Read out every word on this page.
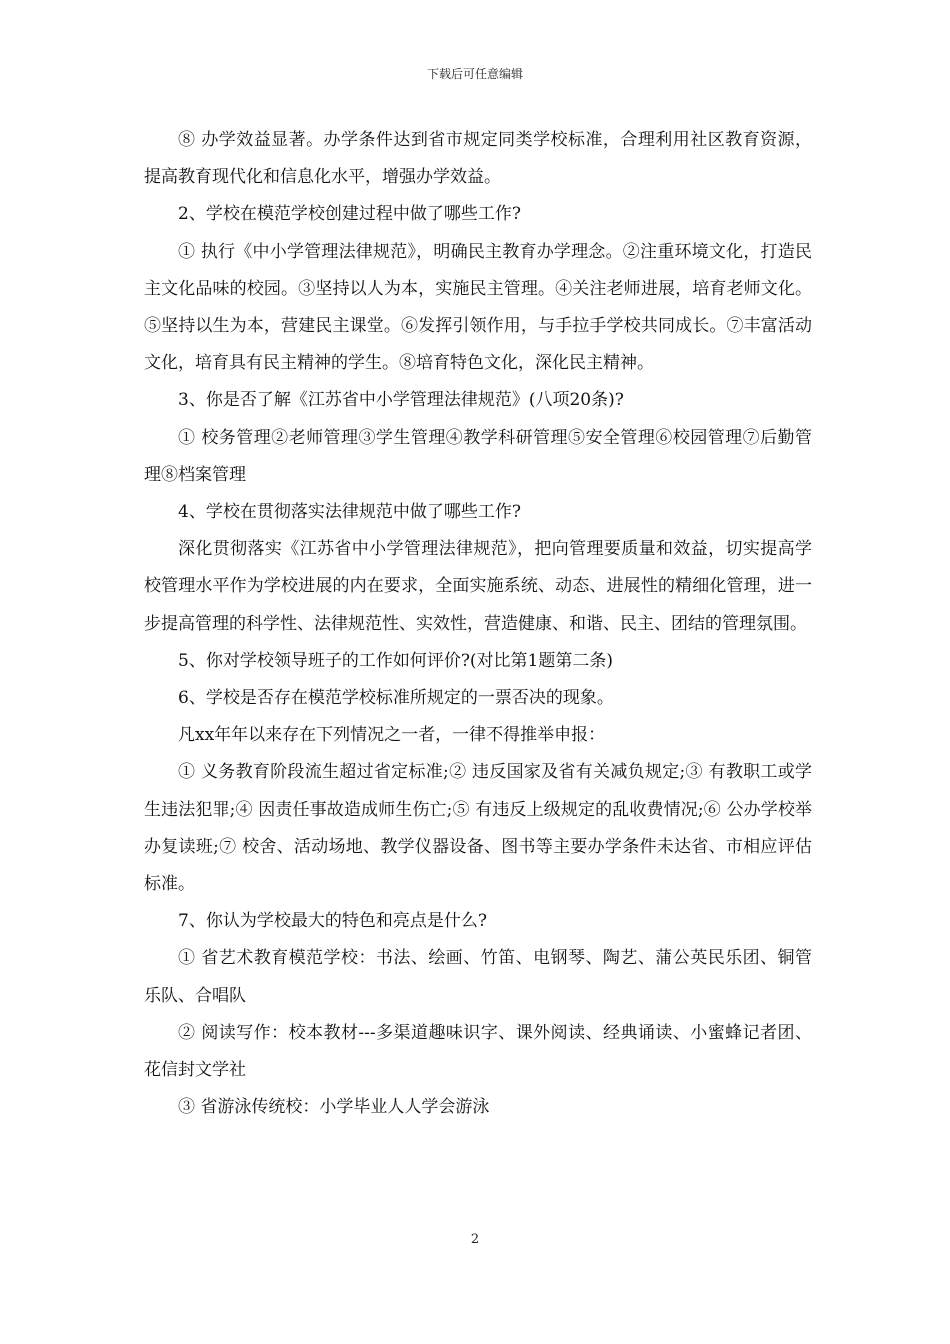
下载后可任意编辑

⑧ 办学效益显著。办学条件达到省市规定同类学校标准，合理利用社区教育资源，提高教育现代化和信息化水平，增强办学效益。

2、学校在模范学校创建过程中做了哪些工作?

① 执行《中小学管理法律规范》，明确民主教育办学理念。②注重环境文化，打造民主文化品味的校园。③坚持以人为本，实施民主管理。④关注老师进展，培育老师文化。⑤坚持以生为本，营建民主课堂。⑥发挥引领作用，与手拉手学校共同成长。⑦丰富活动文化，培育具有民主精神的学生。⑧培育特色文化，深化民主精神。

3、你是否了解《江苏省中小学管理法律规范》(八项20条)?

① 校务管理②老师管理③学生管理④教学科研管理⑤安全管理⑥校园管理⑦后勤管理⑧档案管理

4、学校在贯彻落实法律规范中做了哪些工作?

深化贯彻落实《江苏省中小学管理法律规范》，把向管理要质量和效益，切实提高学校管理水平作为学校进展的内在要求，全面实施系统、动态、进展性的精细化管理，进一步提高管理的科学性、法律规范性、实效性，营造健康、和谐、民主、团结的管理氛围。

5、你对学校领导班子的工作如何评价?(对比第1题第二条)

6、学校是否存在模范学校标准所规定的一票否决的现象。

凡xx年年以来存在下列情况之一者，一律不得推举申报：

① 义务教育阶段流生超过省定标准;② 违反国家及省有关减负规定;③ 有教职工或学生违法犯罪;④ 因责任事故造成师生伤亡;⑤ 有违反上级规定的乱收费情况;⑥ 公办学校举办复读班;⑦ 校舍、活动场地、教学仪器设备、图书等主要办学条件未达省、市相应评估标准。

7、你认为学校最大的特色和亮点是什么?

① 省艺术教育模范学校：书法、绘画、竹笛、电钢琴、陶艺、蒲公英民乐团、铜管乐队、合唱队

② 阅读写作：校本教材---多渠道趣味识字、课外阅读、经典诵读、小蜜蜂记者团、花信封文学社

③ 省游泳传统校：小学毕业人人学会游泳

2
